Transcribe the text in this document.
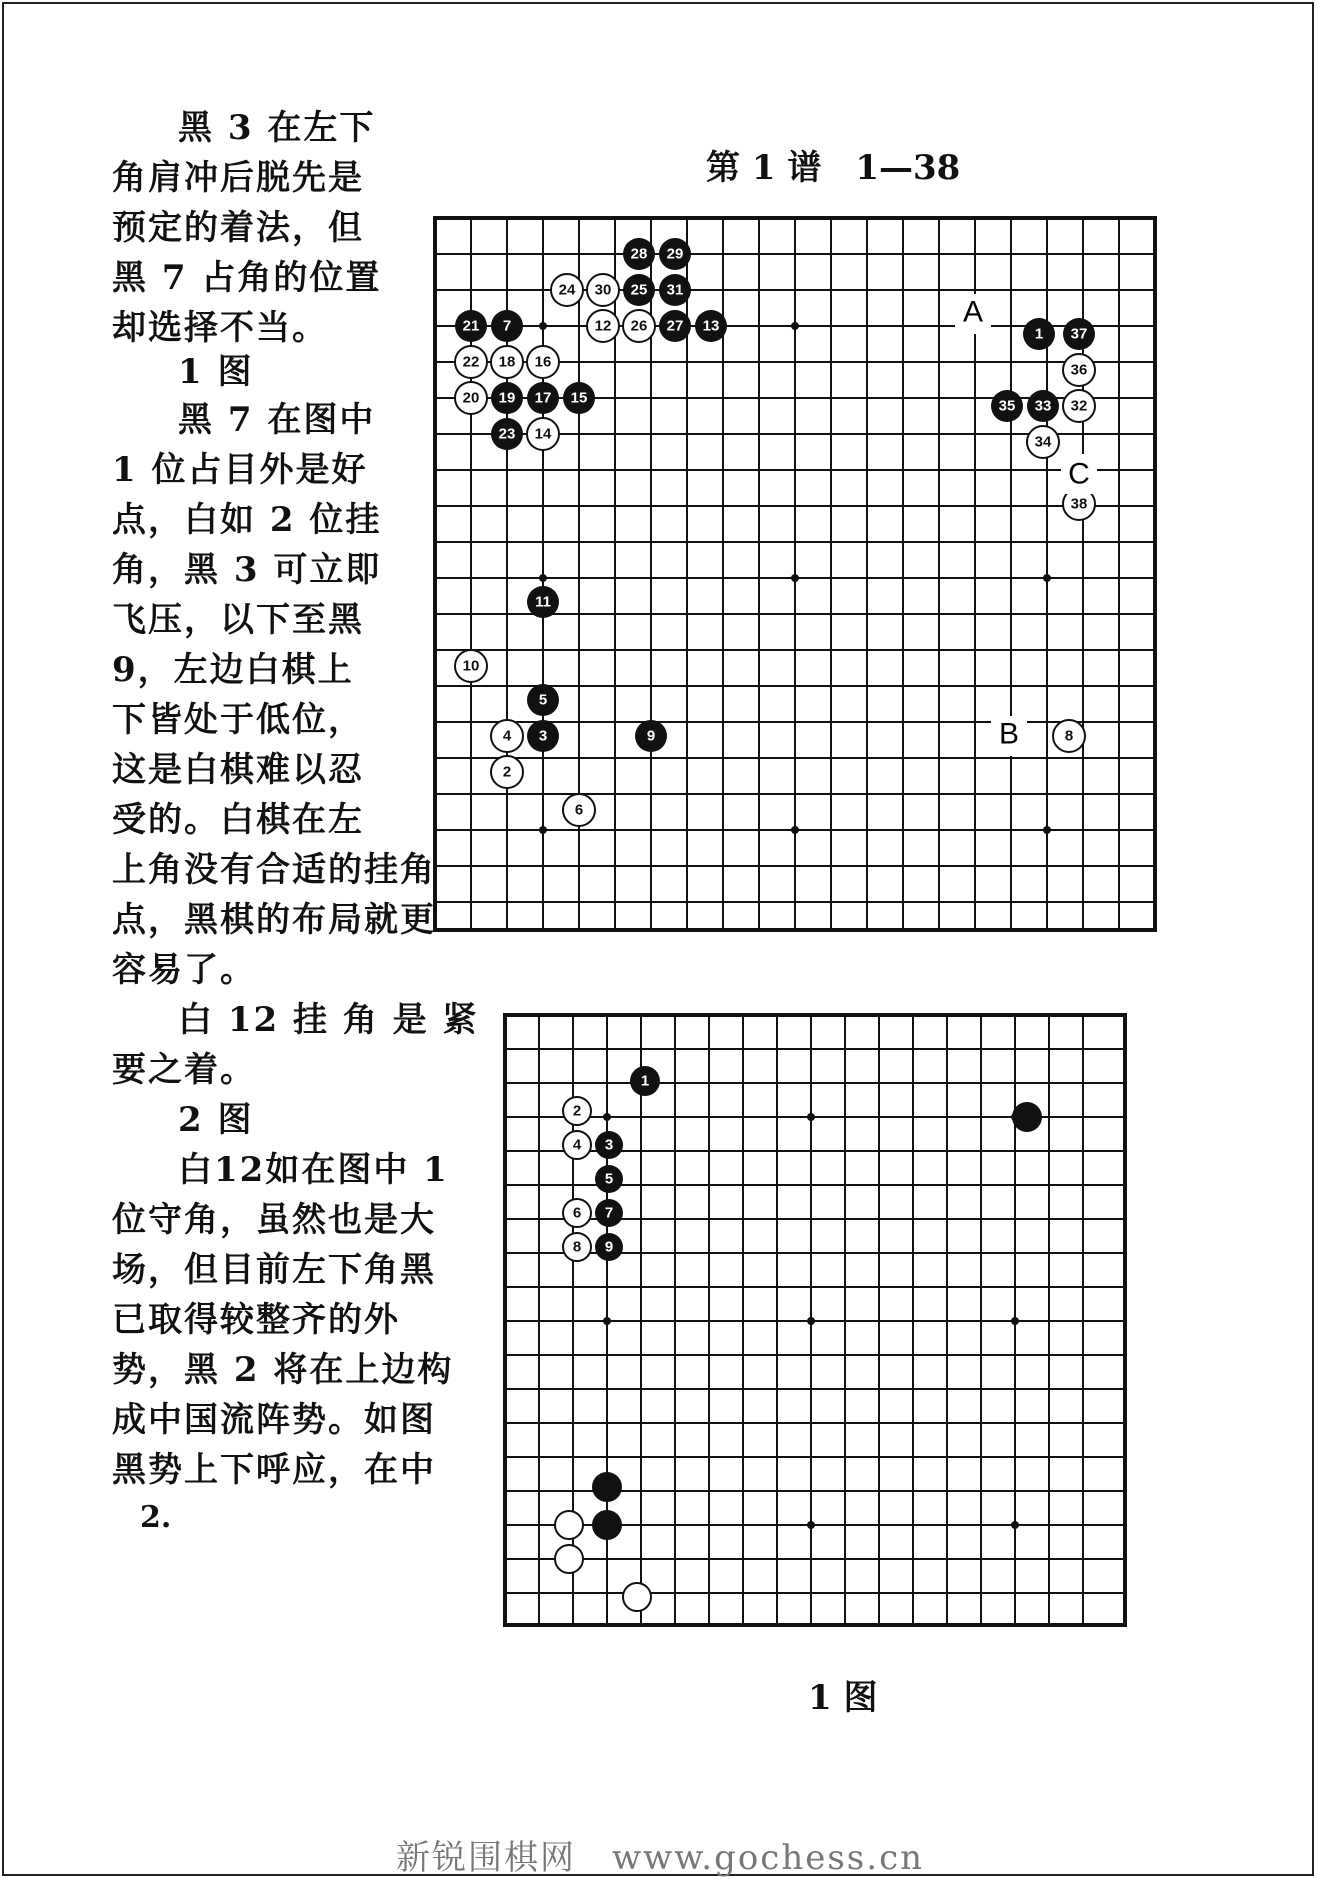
黑 3 在左下
角肩冲后脱先是
预定的着法，但
黑 7 占角的位置
却选择不当。
1 图
黑 7 在图中
1 位占目外是好
点，白如 2 位挂
角，黑 3 可立即
飞压，以下至黑
9，左边白棋上
下皆处于低位，
这是白棋难以忍
受的。白棋在左
上角没有合适的挂角
点，黑棋的布局就更
容易了。
白 12 挂 角 是 紧
要之着。
2 图
白12如在图中 1
位守角，虽然也是大
场，但目前左下角黑
已取得较整齐的外
势，黑 2 将在上边构
成中国流阵势。如图
黑势上下呼应，在中
2.
第 1 谱　1—38
28 29
24 30 25 31
21 7	12 26 27 13
22 18 16
20 19 17 15
23 14
1 37
36
35 33 32
34
38
11
10
5
4 3	9	8
2
6
A
B
C
1
2
4 3
5
6 7
8 9
1 图
新锐围棋网　www.gochess.cn
